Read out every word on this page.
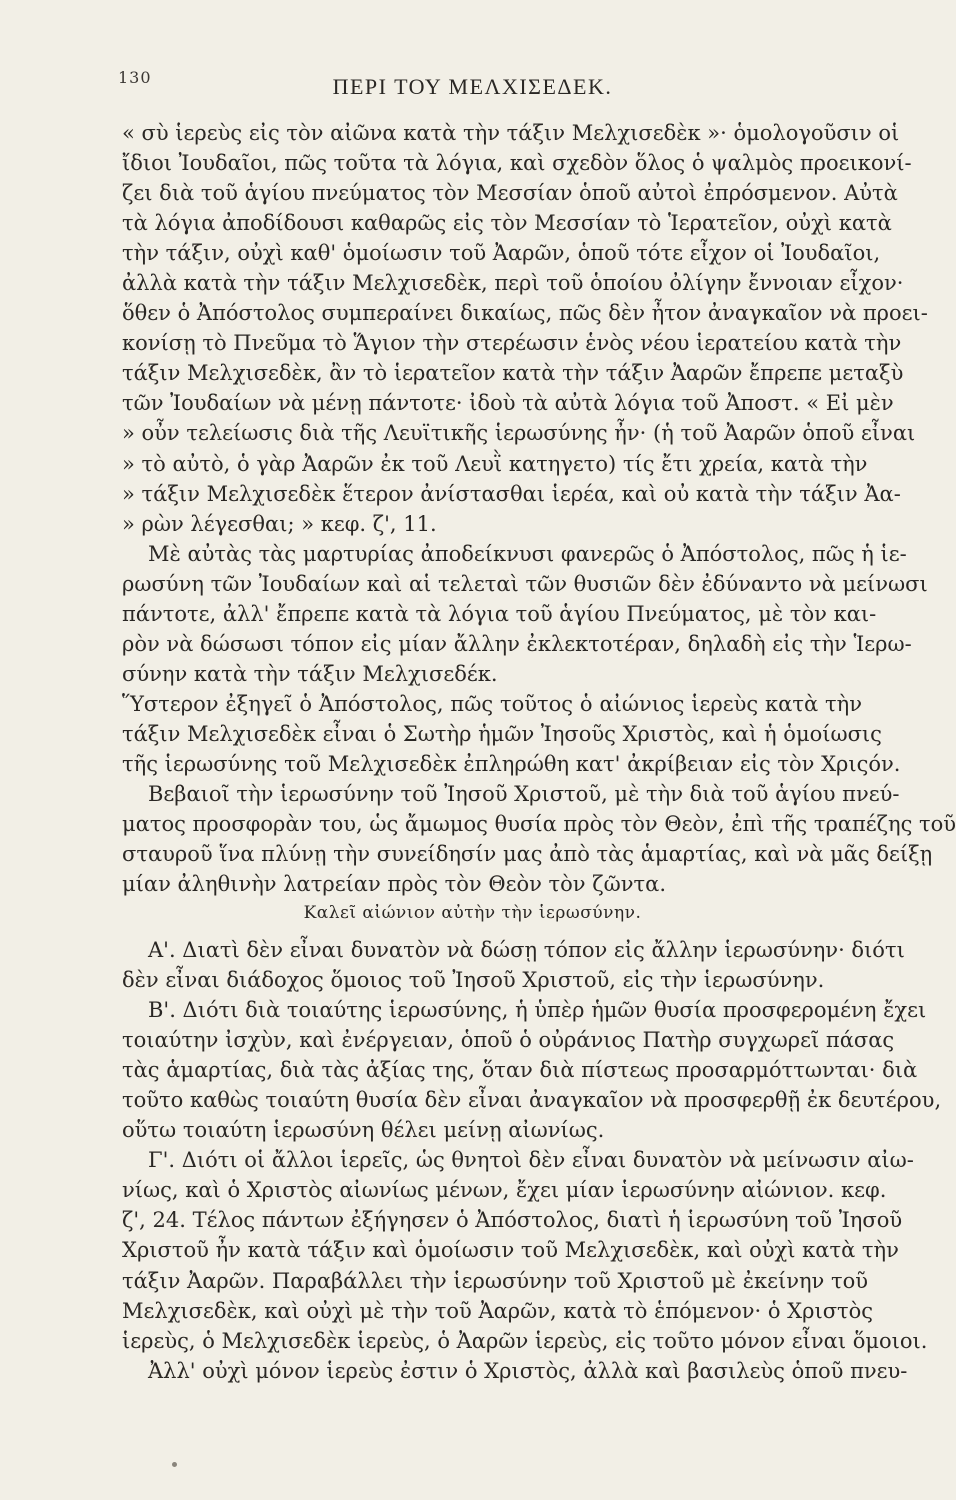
130	ΠΕΡΙ ΤΟΥ ΜΕΛΧΙΣΕΔΕΚ.
« σὺ ἱερεὺς εἰς τὸν αἰῶνα κατὰ τὴν τάξιν Μελχισεδὲκ »· ὁμολογοῦσιν οἱ
ἴδιοι Ἰουδαῖοι, πῶς τοῦτα τὰ λόγια, καὶ σχεδὸν ὅλος ὁ ψαλμὸς προεικονί-
ζει διὰ τοῦ ἁγίου πνεύματος τὸν Μεσσίαν ὁποῦ αὐτοὶ ἐπρόσμενον. Αὐτὰ
τὰ λόγια ἀποδίδουσι καθαρῶς εἰς τὸν Μεσσίαν τὸ Ἱερατεῖον, οὐχὶ κατὰ
τὴν τάξιν, οὐχὶ καθ' ὁμοίωσιν τοῦ Ἀαρῶν, ὁποῦ τότε εἶχον οἱ Ἰουδαῖοι,
ἀλλὰ κατὰ τὴν τάξιν Μελχισεδὲκ, περὶ τοῦ ὁποίου ὀλίγην ἔννοιαν εἶχον·
ὅθεν ὁ Ἀπόστολος συμπεραίνει δικαίως, πῶς δὲν ἦτον ἀναγκαῖον νὰ προει-
κονίσῃ τὸ Πνεῦμα τὸ Ἅγιον τὴν στερέωσιν ἑνὸς νέου ἱερατείου κατὰ τὴν
τάξιν Μελχισεδὲκ, ἂν τὸ ἱερατεῖον κατὰ τὴν τάξιν Ἀαρῶν ἔπρεπε μεταξὺ
τῶν Ἰουδαίων νὰ μένῃ πάντοτε· ἰδοὺ τὰ αὐτὰ λόγια τοῦ Ἀποστ. « Εἰ μὲν
» οὖν τελείωσις διὰ τῆς Λευϊτικῆς ἱερωσύνης ἦν· (ἡ τοῦ Ἀαρῶν ὁποῦ εἶναι
» τὸ αὐτὸ, ὁ γὰρ Ἀαρῶν ἐκ τοῦ Λευῒ κατηγετο) τίς ἔτι χρεία, κατὰ τὴν
» τάξιν Μελχισεδὲκ ἕτερον ἀνίστασθαι ἱερέα, καὶ οὐ κατὰ τὴν τάξιν Ἀα-
» ρὼν λέγεσθαι; » κεφ. ζ', 11.
Μὲ αὐτὰς τὰς μαρτυρίας ἀποδείκνυσι φανερῶς ὁ Ἀπόστολος, πῶς ἡ ἱε-
ρωσύνη τῶν Ἰουδαίων καὶ αἱ τελεταὶ τῶν θυσιῶν δὲν ἐδύναντο νὰ μείνωσι
πάντοτε, ἀλλ' ἔπρεπε κατὰ τὰ λόγια τοῦ ἁγίου Πνεύματος, μὲ τὸν και-
ρὸν νὰ δώσωσι τόπον εἰς μίαν ἄλλην ἐκλεκτοτέραν, δηλαδὴ εἰς τὴν Ἱερω-
σύνην κατὰ τὴν τάξιν Μελχισεδέκ.
Ὕστερον ἐξηγεῖ ὁ Ἀπόστολος, πῶς τοῦτος ὁ αἰώνιος ἱερεὺς κατὰ τὴν
τάξιν Μελχισεδὲκ εἶναι ὁ Σωτὴρ ἡμῶν Ἰησοῦς Χριστὸς, καὶ ἡ ὁμοίωσις
τῆς ἱερωσύνης τοῦ Μελχισεδὲκ ἐπληρώθη κατ' ἀκρίβειαν εἰς τὸν Χριςόν.
Βεβαιοῖ τὴν ἱερωσύνην τοῦ Ἰησοῦ Χριστοῦ, μὲ τὴν διὰ τοῦ ἁγίου πνεύ-
ματος προσφορὰν του, ὡς ἄμωμος θυσία πρὸς τὸν Θεὸν, ἐπὶ τῆς τραπέζης τοῦ
σταυροῦ ἵνα πλύνῃ τὴν συνείδησίν μας ἀπὸ τὰς ἁμαρτίας, καὶ νὰ μᾶς δείξῃ
μίαν ἀληθινὴν λατρείαν πρὸς τὸν Θεὸν τὸν ζῶντα.
Καλεῖ αἰώνιον αὐτὴν τὴν ἱερωσύνην.
Α'. Διατὶ δὲν εἶναι δυνατὸν νὰ δώσῃ τόπον εἰς ἄλλην ἱερωσύνην· διότι
δὲν εἶναι διάδοχος ὅμοιος τοῦ Ἰησοῦ Χριστοῦ, εἰς τὴν ἱερωσύνην.
Β'. Διότι διὰ τοιαύτης ἱερωσύνης, ἡ ὑπὲρ ἡμῶν θυσία προσφερομένη ἔχει
τοιαύτην ἰσχὺν, καὶ ἐνέργειαν, ὁποῦ ὁ οὐράνιος Πατὴρ συγχωρεῖ πάσας
τὰς ἁμαρτίας, διὰ τὰς ἀξίας της, ὅταν διὰ πίστεως προσαρμόττωνται· διὰ
τοῦτο καθὼς τοιαύτη θυσία δὲν εἶναι ἀναγκαῖον νὰ προσφερθῇ ἐκ δευτέρου,
οὕτω τοιαύτη ἱερωσύνη θέλει μείνῃ αἰωνίως.
Γ'. Διότι οἱ ἄλλοι ἱερεῖς, ὡς θνητοὶ δὲν εἶναι δυνατὸν νὰ μείνωσιν αἰω-
νίως, καὶ ὁ Χριστὸς αἰωνίως μένων, ἔχει μίαν ἱερωσύνην αἰώνιον. κεφ.
ζ', 24. Τέλος πάντων ἐξήγησεν ὁ Ἀπόστολος, διατὶ ἡ ἱερωσύνη τοῦ Ἰησοῦ
Χριστοῦ ἦν κατὰ τάξιν καὶ ὁμοίωσιν τοῦ Μελχισεδὲκ, καὶ οὐχὶ κατὰ τὴν
τάξιν Ἀαρῶν. Παραβάλλει τὴν ἱερωσύνην τοῦ Χριστοῦ μὲ ἐκείνην τοῦ
Μελχισεδὲκ, καὶ οὐχὶ μὲ τὴν τοῦ Ἀαρῶν, κατὰ τὸ ἑπόμενον· ὁ Χριστὸς
ἱερεὺς, ὁ Μελχισεδὲκ ἱερεὺς, ὁ Ἀαρῶν ἱερεὺς, εἰς τοῦτο μόνον εἶναι ὅμοιοι.
Ἀλλ' οὐχὶ μόνον ἱερεὺς ἐστιν ὁ Χριστὸς, ἀλλὰ καὶ βασιλεὺς ὁποῦ πνευ-
